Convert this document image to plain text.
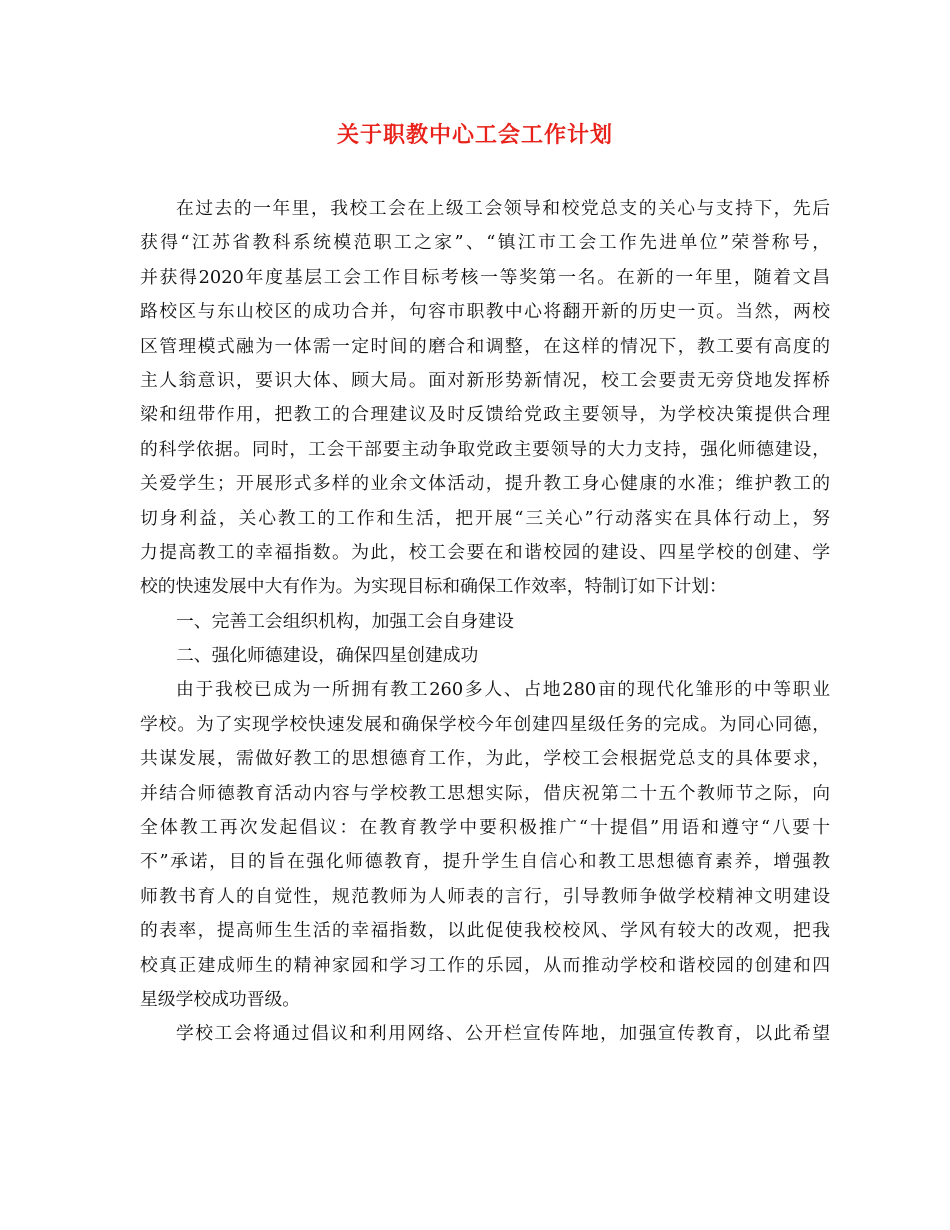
关于职教中心工会工作计划
在过去的一年里，我校工会在上级工会领导和校党总支的关心与支持下，先后
获得“江苏省教科系统模范职工之家”、“镇江市工会工作先进单位”荣誉称号，
并获得2020年度基层工会工作目标考核一等奖第一名。在新的一年里，随着文昌
路校区与东山校区的成功合并，句容市职教中心将翻开新的历史一页。当然，两校
区管理模式融为一体需一定时间的磨合和调整，在这样的情况下，教工要有高度的
主人翁意识，要识大体、顾大局。面对新形势新情况，校工会要责无旁贷地发挥桥
梁和纽带作用，把教工的合理建议及时反馈给党政主要领导，为学校决策提供合理
的科学依据。同时，工会干部要主动争取党政主要领导的大力支持，强化师德建设，
关爱学生；开展形式多样的业余文体活动，提升教工身心健康的水准；维护教工的
切身利益，关心教工的工作和生活，把开展“三关心”行动落实在具体行动上，努
力提高教工的幸福指数。为此，校工会要在和谐校园的建设、四星学校的创建、学
校的快速发展中大有作为。为实现目标和确保工作效率，特制订如下计划：
一、完善工会组织机构，加强工会自身建设
二、强化师德建设，确保四星创建成功
由于我校已成为一所拥有教工260多人、占地280亩的现代化雏形的中等职业
学校。为了实现学校快速发展和确保学校今年创建四星级任务的完成。为同心同德，
共谋发展，需做好教工的思想德育工作，为此，学校工会根据党总支的具体要求，
并结合师德教育活动内容与学校教工思想实际，借庆祝第二十五个教师节之际，向
全体教工再次发起倡议：在教育教学中要积极推广“十提倡”用语和遵守“八要十
不”承诺，目的旨在强化师德教育，提升学生自信心和教工思想德育素养，增强教
师教书育人的自觉性，规范教师为人师表的言行，引导教师争做学校精神文明建设
的表率，提高师生生活的幸福指数，以此促使我校校风、学风有较大的改观，把我
校真正建成师生的精神家园和学习工作的乐园，从而推动学校和谐校园的创建和四
星级学校成功晋级。
学校工会将通过倡议和利用网络、公开栏宣传阵地，加强宣传教育，以此希望
